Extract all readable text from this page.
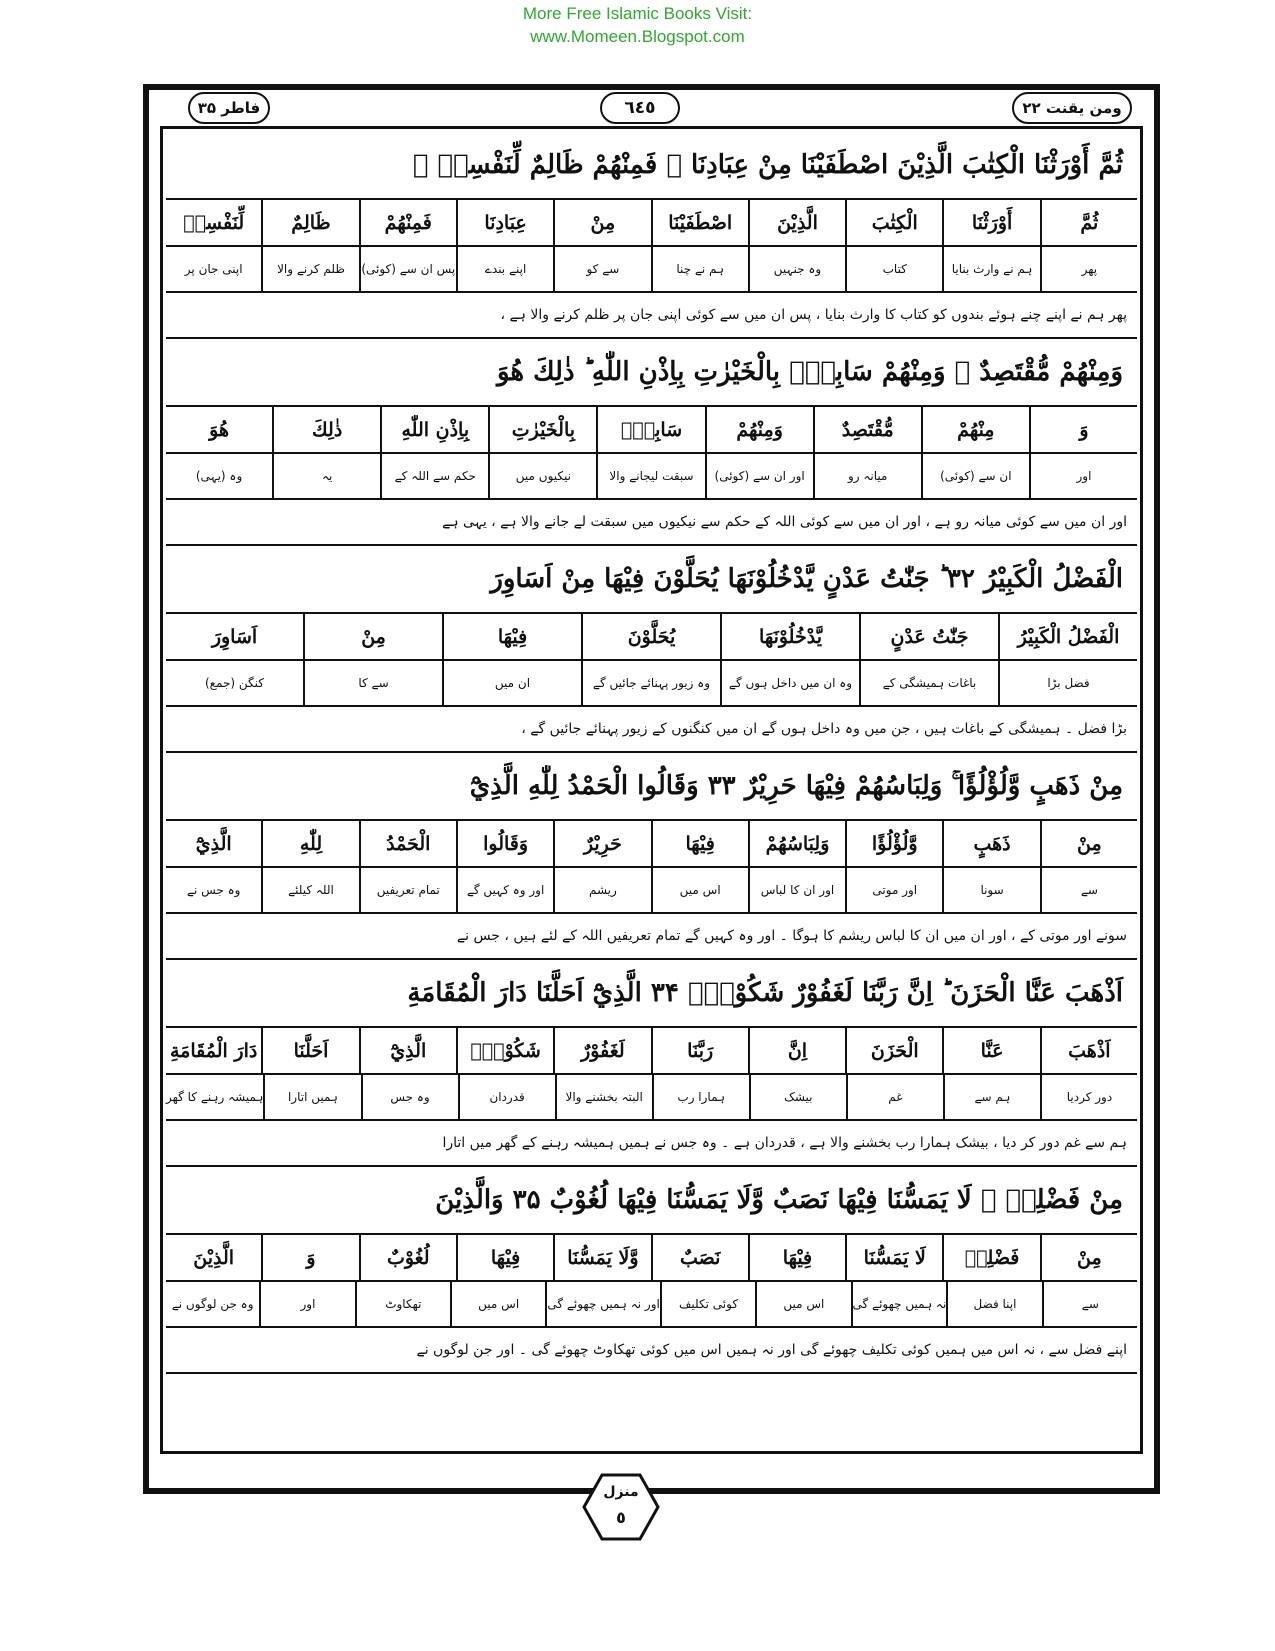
More Free Islamic Books Visit:
www.Momeen.Blogspot.com
فاطر ۳۵	٦٤٥	ومن يقنت ٢٢
ثُمَّ أَوْرَثْنَا الْكِتٰبَ الَّذِيْنَ اصْطَفَيْنَا مِنْ عِبَادِنَا ۚ فَمِنْهُمْ ظَالِمٌ لِّنَفْسِهٖ ۚ
ثُمَّ
أَوْرَثْنَا
الْكِتٰبَ
الَّذِيْنَ
اصْطَفَيْنَا
مِنْ
عِبَادِنَا
فَمِنْهُمْ
ظَالِمٌ
لِّنَفْسِهٖ
پھر
ہم نے وارث بنایا
کتاب
وہ جنہیں
ہم نے چنا
سے کو
اپنے بندے
پس ان سے (کوئی)
ظلم کرنے والا
اپنی جان پر
پھر ہم نے اپنے چنے ہوئے بندوں کو کتاب کا وارث بنایا ، پس ان میں سے کوئی اپنی جان پر ظلم کرنے والا ہے ،
وَمِنْهُمْ مُّقْتَصِدٌ ۚ وَمِنْهُمْ سَابِقٌۢ بِالْخَيْرٰتِ بِاِذْنِ اللّٰهِ ؕ ذٰلِكَ هُوَ
وَ
مِنْهُمْ
مُّقْتَصِدٌ
وَمِنْهُمْ
سَابِقٌۢ
بِالْخَيْرٰتِ
بِاِذْنِ اللّٰهِ
ذٰلِكَ
هُوَ
اور
ان سے (کوئی)
میانہ رو
اور ان سے (کوئی)
سبقت لیجانے والا
نیکیوں میں
حکم سے اللہ کے
یہ
وہ (یہی)
اور ان میں سے کوئی میانہ رو ہے ، اور ان میں سے کوئی اللہ کے حکم سے نیکیوں میں سبقت لے جانے والا ہے ، یہی ہے
الْفَضْلُ الْكَبِيْرُ ۳۲ ؕ جَنّٰتُ عَدْنٍ يَّدْخُلُوْنَهَا يُحَلَّوْنَ فِيْهَا مِنْ اَسَاوِرَ
الْفَضْلُ الْكَبِيْرُ
جَنّٰتُ عَدْنٍ
يَّدْخُلُوْنَهَا
يُحَلَّوْنَ
فِيْهَا
مِنْ
اَسَاوِرَ
فضل بڑا
باغات ہمیشگی کے
وہ ان میں داخل ہوں گے
وہ زیور پہنائے جائیں گے
ان میں
سے کا
کنگن (جمع)
بڑا فضل ۔ ہمیشگی کے باغات ہیں ، جن میں وہ داخل ہوں گے ان میں کنگنوں کے زیور پہنائے جائیں گے ،
مِنْ ذَهَبٍ وَّلُؤْلُؤًا ۚ وَلِبَاسُهُمْ فِيْهَا حَرِيْرٌ ۳۳ وَقَالُوا الْحَمْدُ لِلّٰهِ الَّذِيْٓ
مِنْ
ذَهَبٍ
وَّلُؤْلُؤًا
وَلِبَاسُهُمْ
فِيْهَا
حَرِيْرٌ
وَقَالُوا
الْحَمْدُ
لِلّٰهِ
الَّذِيْٓ
سے
سونا
اور موتی
اور ان کا لباس
اس میں
ریشم
اور وہ کہیں گے
تمام تعریفیں
اللہ کیلئے
وہ جس نے
سونے اور موتی کے ، اور ان میں ان کا لباس ریشم کا ہوگا ۔ اور وہ کہیں گے تمام تعریفیں اللہ کے لئے ہیں ، جس نے
اَذْهَبَ عَنَّا الْحَزَنَ ؕ اِنَّ رَبَّنَا لَغَفُوْرٌ شَكُوْرُۨ ۳۴ الَّذِيْٓ اَحَلَّنَا دَارَ الْمُقَامَةِ
اَذْهَبَ
عَنَّا
الْحَزَنَ
اِنَّ
رَبَّنَا
لَغَفُوْرٌ
شَكُوْرُۨ
الَّذِيْٓ
اَحَلَّنَا
دَارَ الْمُقَامَةِ
دور کردیا
ہم سے
غم
بیشک
ہمارا رب
البتہ بخشنے والا
قدردان
وہ جس
ہمیں اتارا
ہمیشہ رہنے کا گھر
ہم سے غم دور کر دیا ، بیشک ہمارا رب بخشنے والا ہے ، قدردان ہے ۔ وہ جس نے ہمیں ہمیشہ رہنے کے گھر میں اتارا
مِنْ فَضْلِهٖ ۚ لَا يَمَسُّنَا فِيْهَا نَصَبٌ وَّلَا يَمَسُّنَا فِيْهَا لُغُوْبٌ ۳۵ وَالَّذِيْنَ
مِنْ
فَضْلِهٖ
لَا يَمَسُّنَا
فِيْهَا
نَصَبٌ
وَّلَا يَمَسُّنَا
فِيْهَا
لُغُوْبٌ
وَ
الَّذِيْنَ
سے
اپنا فضل
نہ ہمیں چھوئے گی
اس میں
کوئی تکلیف
اور نہ ہمیں چھوئے گی
اس میں
تھکاوٹ
اور
وہ جن لوگوں نے
اپنے فضل سے ، نہ اس میں ہمیں کوئی تکلیف چھوئے گی اور نہ ہمیں اس میں کوئی تھکاوٹ چھوئے گی ۔ اور جن لوگوں نے
منزل
٥
